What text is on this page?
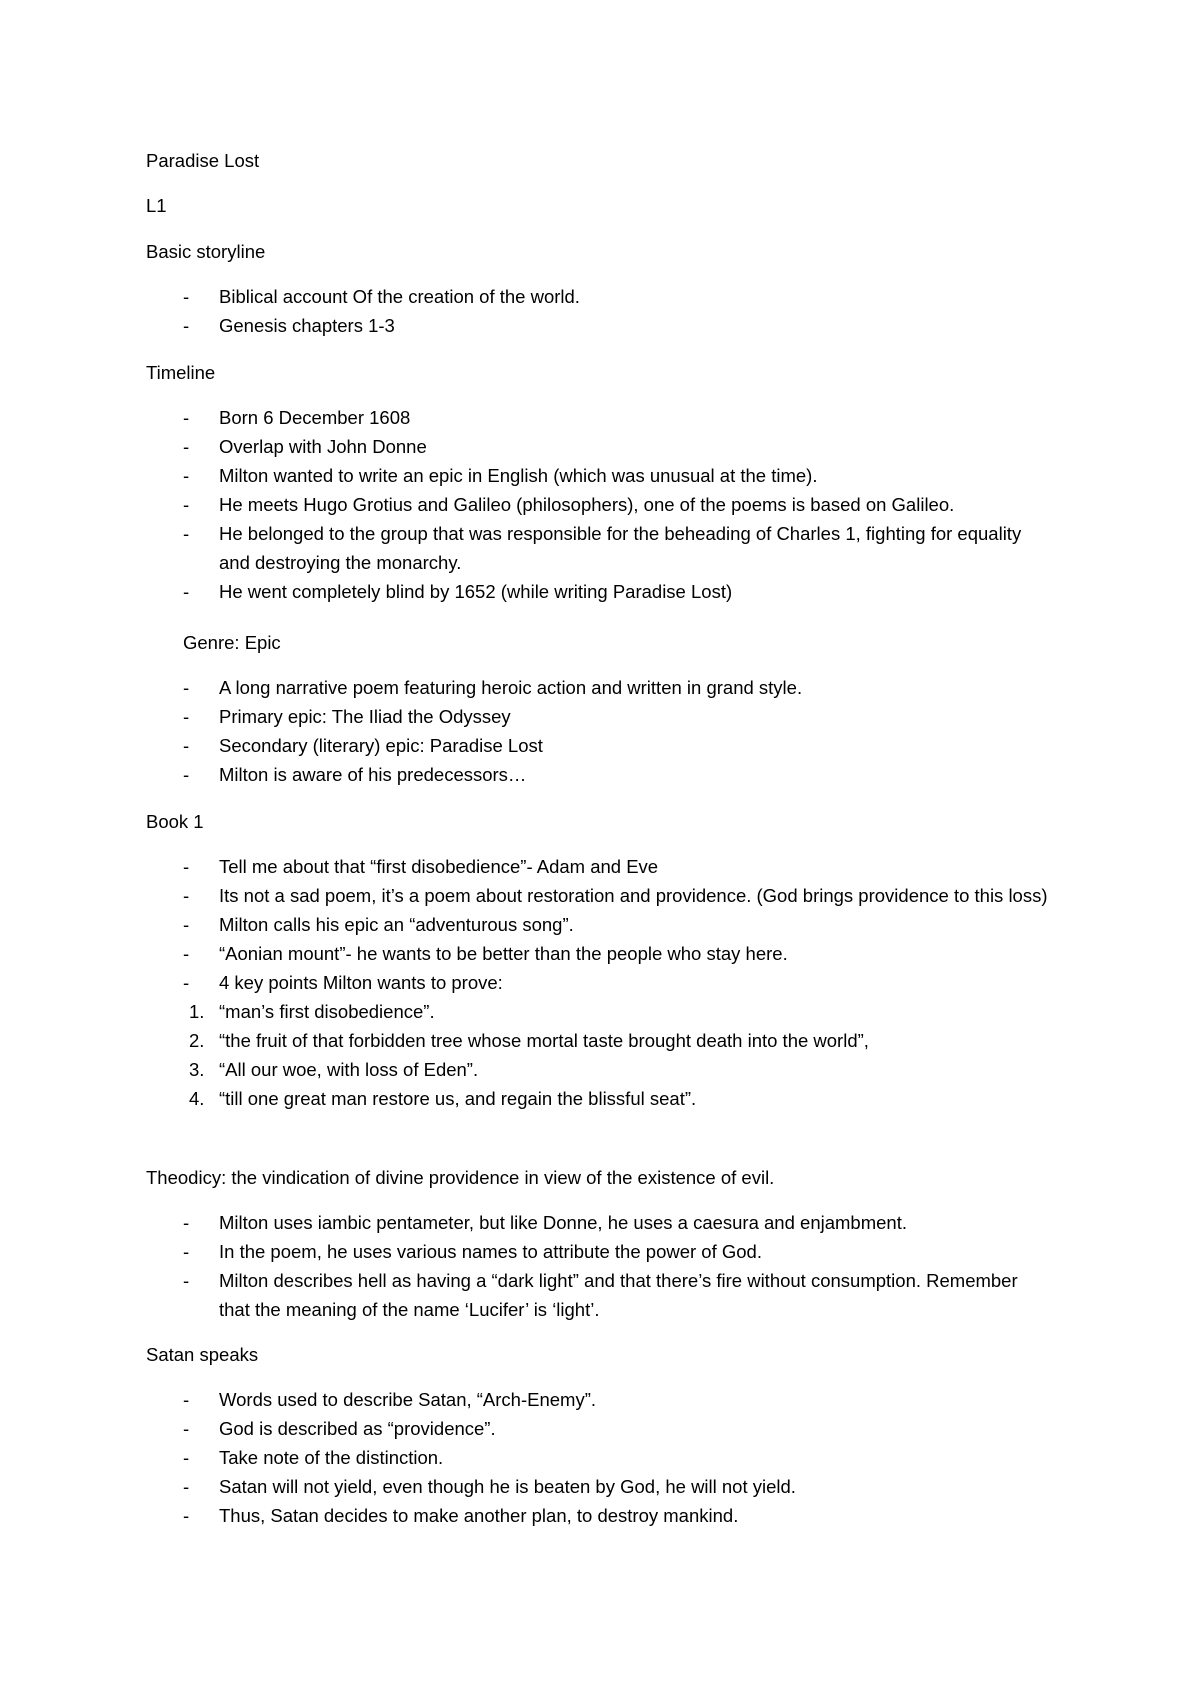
Paradise Lost

L1

Basic storyline

- Biblical account Of the creation of the world.
- Genesis chapters 1-3

Timeline

- Born 6 December 1608
- Overlap with John Donne
- Milton wanted to write an epic in English (which was unusual at the time).
- He meets Hugo Grotius and Galileo (philosophers), one of the poems is based on Galileo.
- He belonged to the group that was responsible for the beheading of Charles 1, fighting for equality and destroying the monarchy.
- He went completely blind by 1652 (while writing Paradise Lost)

Genre: Epic

- A long narrative poem featuring heroic action and written in grand style.
- Primary epic: The Iliad the Odyssey
- Secondary (literary) epic: Paradise Lost
- Milton is aware of his predecessors…

Book 1

- Tell me about that “first disobedience”- Adam and Eve
- Its not a sad poem, it’s a poem about restoration and providence. (God brings providence to this loss)
- Milton calls his epic an “adventurous song”.
- “Aonian mount”- he wants to be better than the people who stay here.
- 4 key points Milton wants to prove:
1. “man’s first disobedience”.
2. “the fruit of that forbidden tree whose mortal taste brought death into the world”,
3. “All our woe, with loss of Eden”.
4. “till one great man restore us, and regain the blissful seat”.

Theodicy: the vindication of divine providence in view of the existence of evil.

- Milton uses iambic pentameter, but like Donne, he uses a caesura and enjambment.
- In the poem, he uses various names to attribute the power of God.
- Milton describes hell as having a “dark light” and that there’s fire without consumption. Remember that the meaning of the name ‘Lucifer’ is ‘light’.

Satan speaks

- Words used to describe Satan, “Arch-Enemy”.
- God is described as “providence”.
- Take note of the distinction.
- Satan will not yield, even though he is beaten by God, he will not yield.
- Thus, Satan decides to make another plan, to destroy mankind.
